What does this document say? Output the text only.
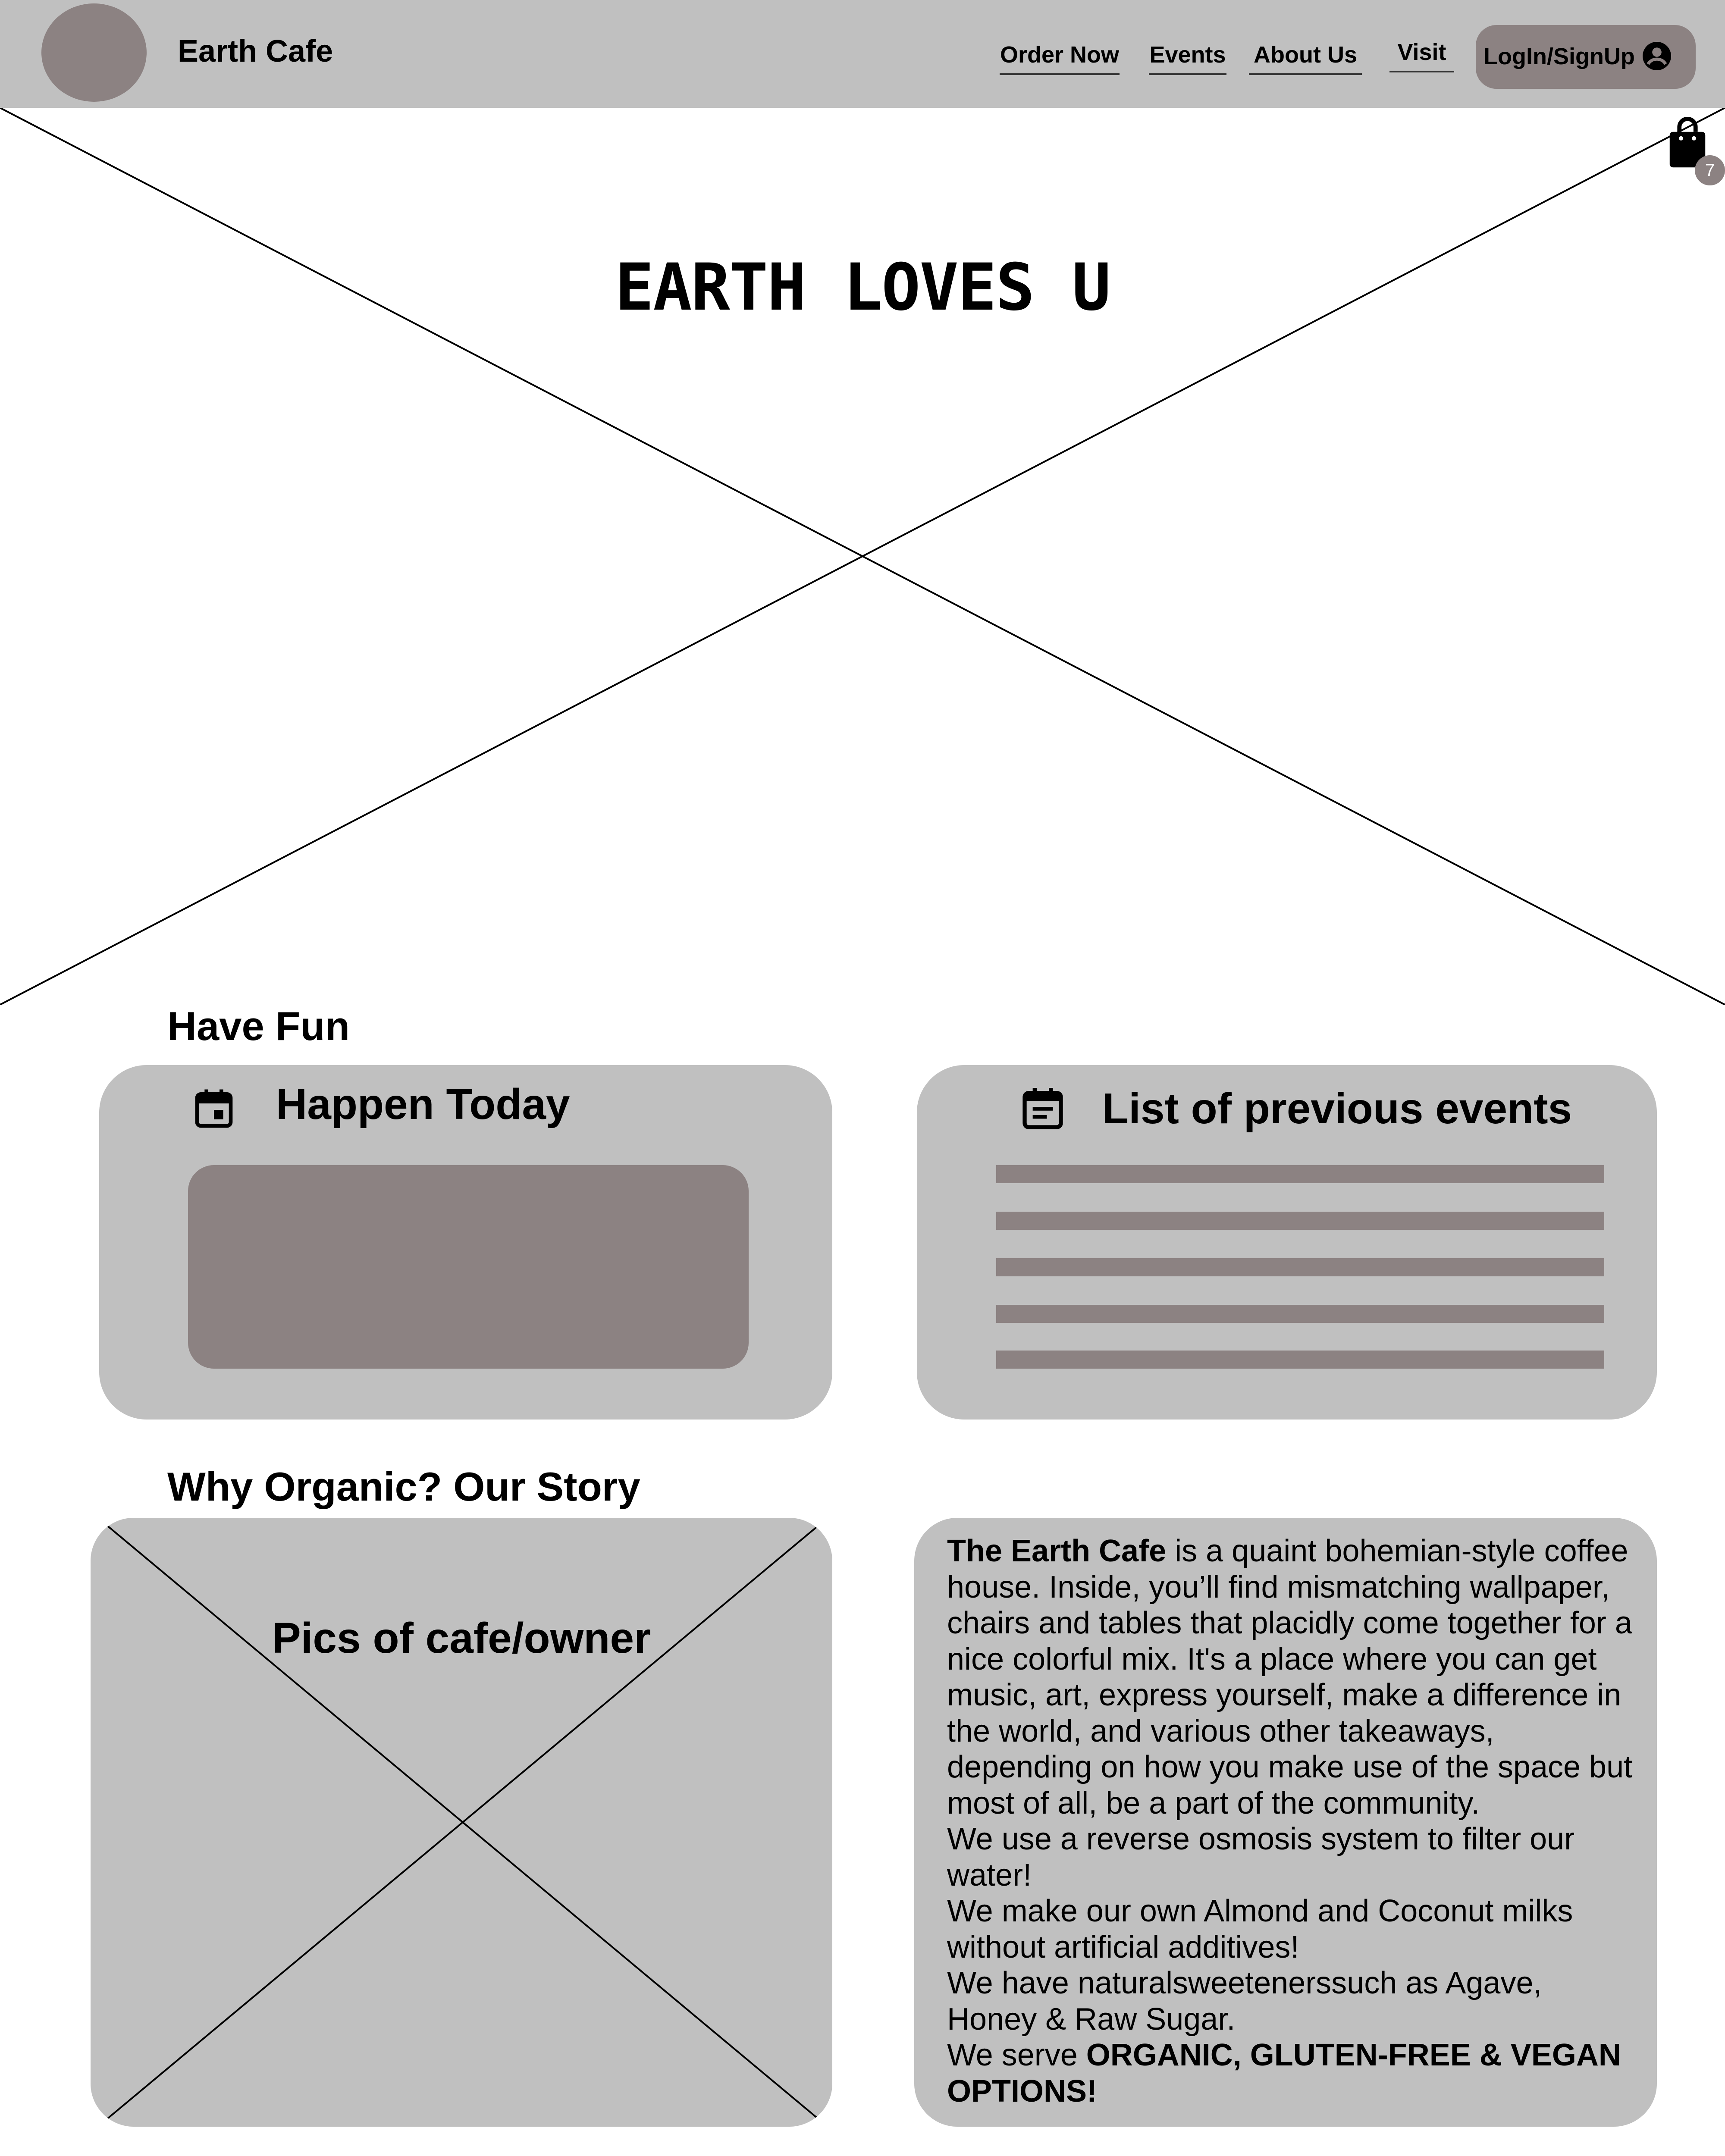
Earth Cafe	Order Now Events About Us	Visit	LogIn/SignUp
EARTH LOVES U
7
Have Fun
Happen Today	List of previous events
Why Organic? Our Story
Pics of cafe/owner

The Earth Cafe is a quaint bohemian-style coffee house. Inside, you’ll find mismatching wallpaper, chairs and tables that placidly come together for a nice colorful mix. It's a place where you can get music, art, express yourself, make a difference in the world, and various other takeaways, depending on how you make use of the space but most of all, be a part of the community.

We use a reverse osmosis system to filter our water!

We make our own Almond and Coconut milks without artificial additives!

We have naturalsweetenerssuch as Agave, Honey & Raw Sugar.

We serve ORGANIC, GLUTEN-FREE & VEGAN OPTIONS!
